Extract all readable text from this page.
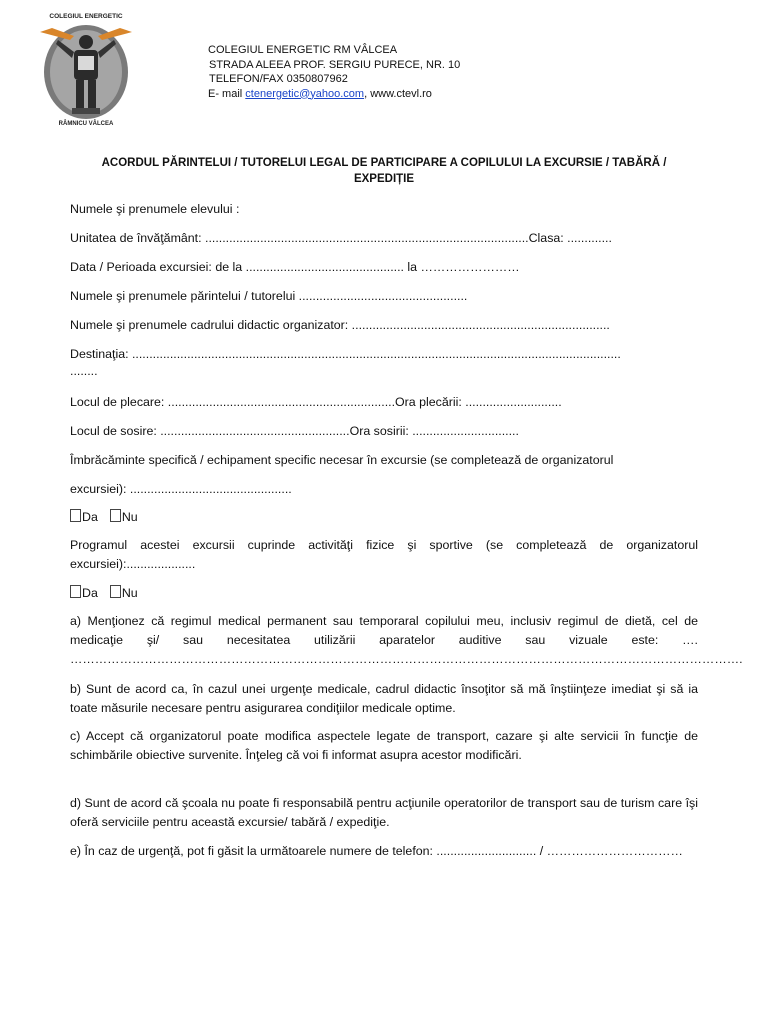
COLEGIUL ENERGETIC
RÂMNICU VÂLCEA
COLEGIUL ENERGETIC RM VÂLCEA
STRADA ALEEA PROF. SERGIU PURECE, NR. 10
TELEFON/FAX 0350807962
E- mail ctenergetic@yahoo.com, www.ctevl.ro
ACORDUL PĂRINTELUI / TUTORELUI LEGAL DE PARTICIPARE A COPILULUI LA EXCURSIE / TABĂRĂ /
EXPEDIȚIE
Numele şi prenumele elevului :
Unitatea de învăţământ: ..............................................................................................Clasa: .............
Data / Perioada excursiei: de la .............................................. la ……………………
Numele şi prenumele părintelui / tutorelui .................................................
Numele şi prenumele cadrului didactic organizator: ...........................................................................
Destinaţia: ..............................................................................................................................................
........
Locul de plecare: ..................................................................Ora plecării: ............................
Locul de sosire: .......................................................Ora sosirii: ...............................
Îmbrăcăminte specifică / echipament specific necesar în excursie (se completează de organizatorul
excursiei): ...............................................
Da Nu
Programul acestei excursii cuprinde activităţi fizice şi sportive (se completează de organizatorul excursiei):....................
Da Nu
a) Menţionez că regimul medical permanent sau temporaral copilului meu, inclusiv regimul de dietă, cel de medicaţie şi/ sau necesitatea utilizării aparatelor auditive sau vizuale este: …. ……………………………………………………………………………………………………………………………………………….
b) Sunt de acord ca, în cazul unei urgenţe medicale, cadrul didactic însoţitor să mă înştiinţeze imediat şi să ia toate măsurile necesare pentru asigurarea condiţiilor medicale optime.
c) Accept că organizatorul poate modifica aspectele legate de transport, cazare şi alte servicii în funcţie de schimbările obiective survenite. Înţeleg că voi fi informat asupra acestor modificări.
d) Sunt de acord că şcoala nu poate fi responsabilă pentru acţiunile operatorilor de transport sau de turism care îşi oferă serviciile pentru această excursie/ tabără / expediţie.
e) În caz de urgenţă, pot fi găsit la următoarele numere de telefon: ............................. / ……………………………
